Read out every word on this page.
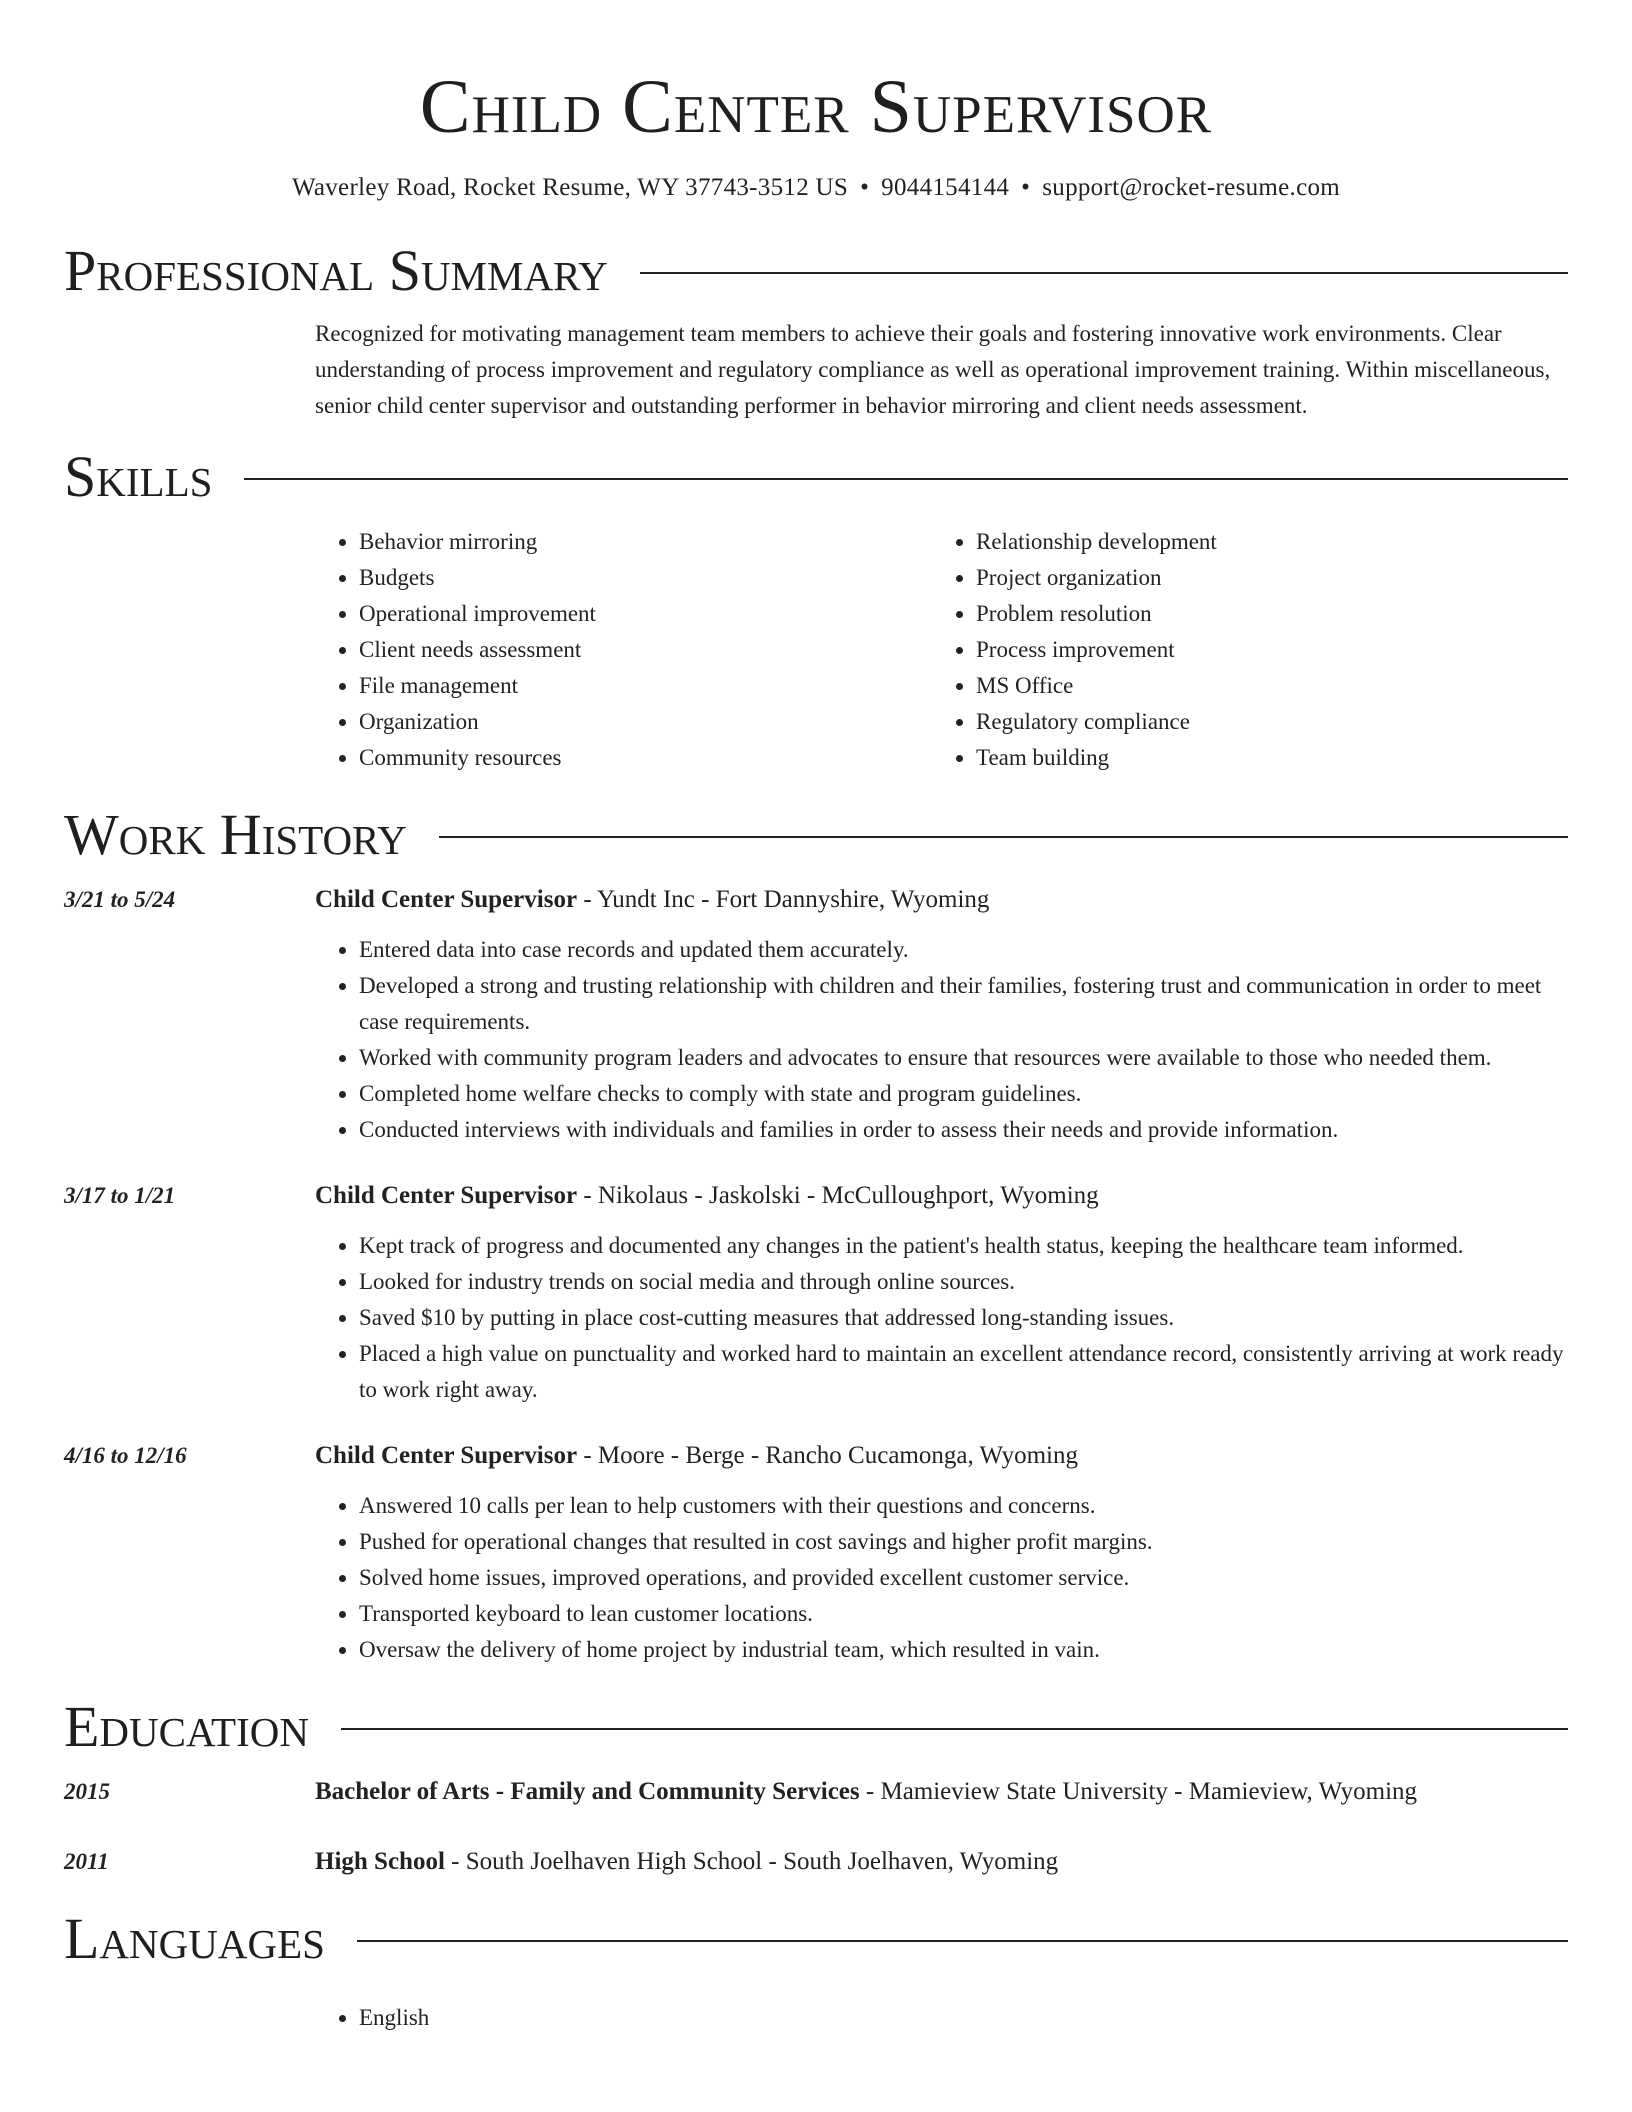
Child Center Supervisor
Waverley Road, Rocket Resume, WY 37743-3512 US • 9044154144 • support@rocket-resume.com
Professional Summary
Recognized for motivating management team members to achieve their goals and fostering innovative work environments. Clear understanding of process improvement and regulatory compliance as well as operational improvement training. Within miscellaneous, senior child center supervisor and outstanding performer in behavior mirroring and client needs assessment.
Skills
• Behavior mirroring
• Budgets
• Operational improvement
• Client needs assessment
• File management
• Organization
• Community resources
• Relationship development
• Project organization
• Problem resolution
• Process improvement
• MS Office
• Regulatory compliance
• Team building
Work History
3/21 to 5/24	Child Center Supervisor - Yundt Inc - Fort Dannyshire, Wyoming
• Entered data into case records and updated them accurately.
• Developed a strong and trusting relationship with children and their families, fostering trust and communication in order to meet case requirements.
• Worked with community program leaders and advocates to ensure that resources were available to those who needed them.
• Completed home welfare checks to comply with state and program guidelines.
• Conducted interviews with individuals and families in order to assess their needs and provide information.
3/17 to 1/21	Child Center Supervisor - Nikolaus - Jaskolski - McCulloughport, Wyoming
• Kept track of progress and documented any changes in the patient's health status, keeping the healthcare team informed.
• Looked for industry trends on social media and through online sources.
• Saved $10 by putting in place cost-cutting measures that addressed long-standing issues.
• Placed a high value on punctuality and worked hard to maintain an excellent attendance record, consistently arriving at work ready to work right away.
4/16 to 12/16	Child Center Supervisor - Moore - Berge - Rancho Cucamonga, Wyoming
• Answered 10 calls per lean to help customers with their questions and concerns.
• Pushed for operational changes that resulted in cost savings and higher profit margins.
• Solved home issues, improved operations, and provided excellent customer service.
• Transported keyboard to lean customer locations.
• Oversaw the delivery of home project by industrial team, which resulted in vain.
Education
2015	Bachelor of Arts - Family and Community Services - Mamieview State University - Mamieview, Wyoming
2011	High School - South Joelhaven High School - South Joelhaven, Wyoming
Languages
• English
